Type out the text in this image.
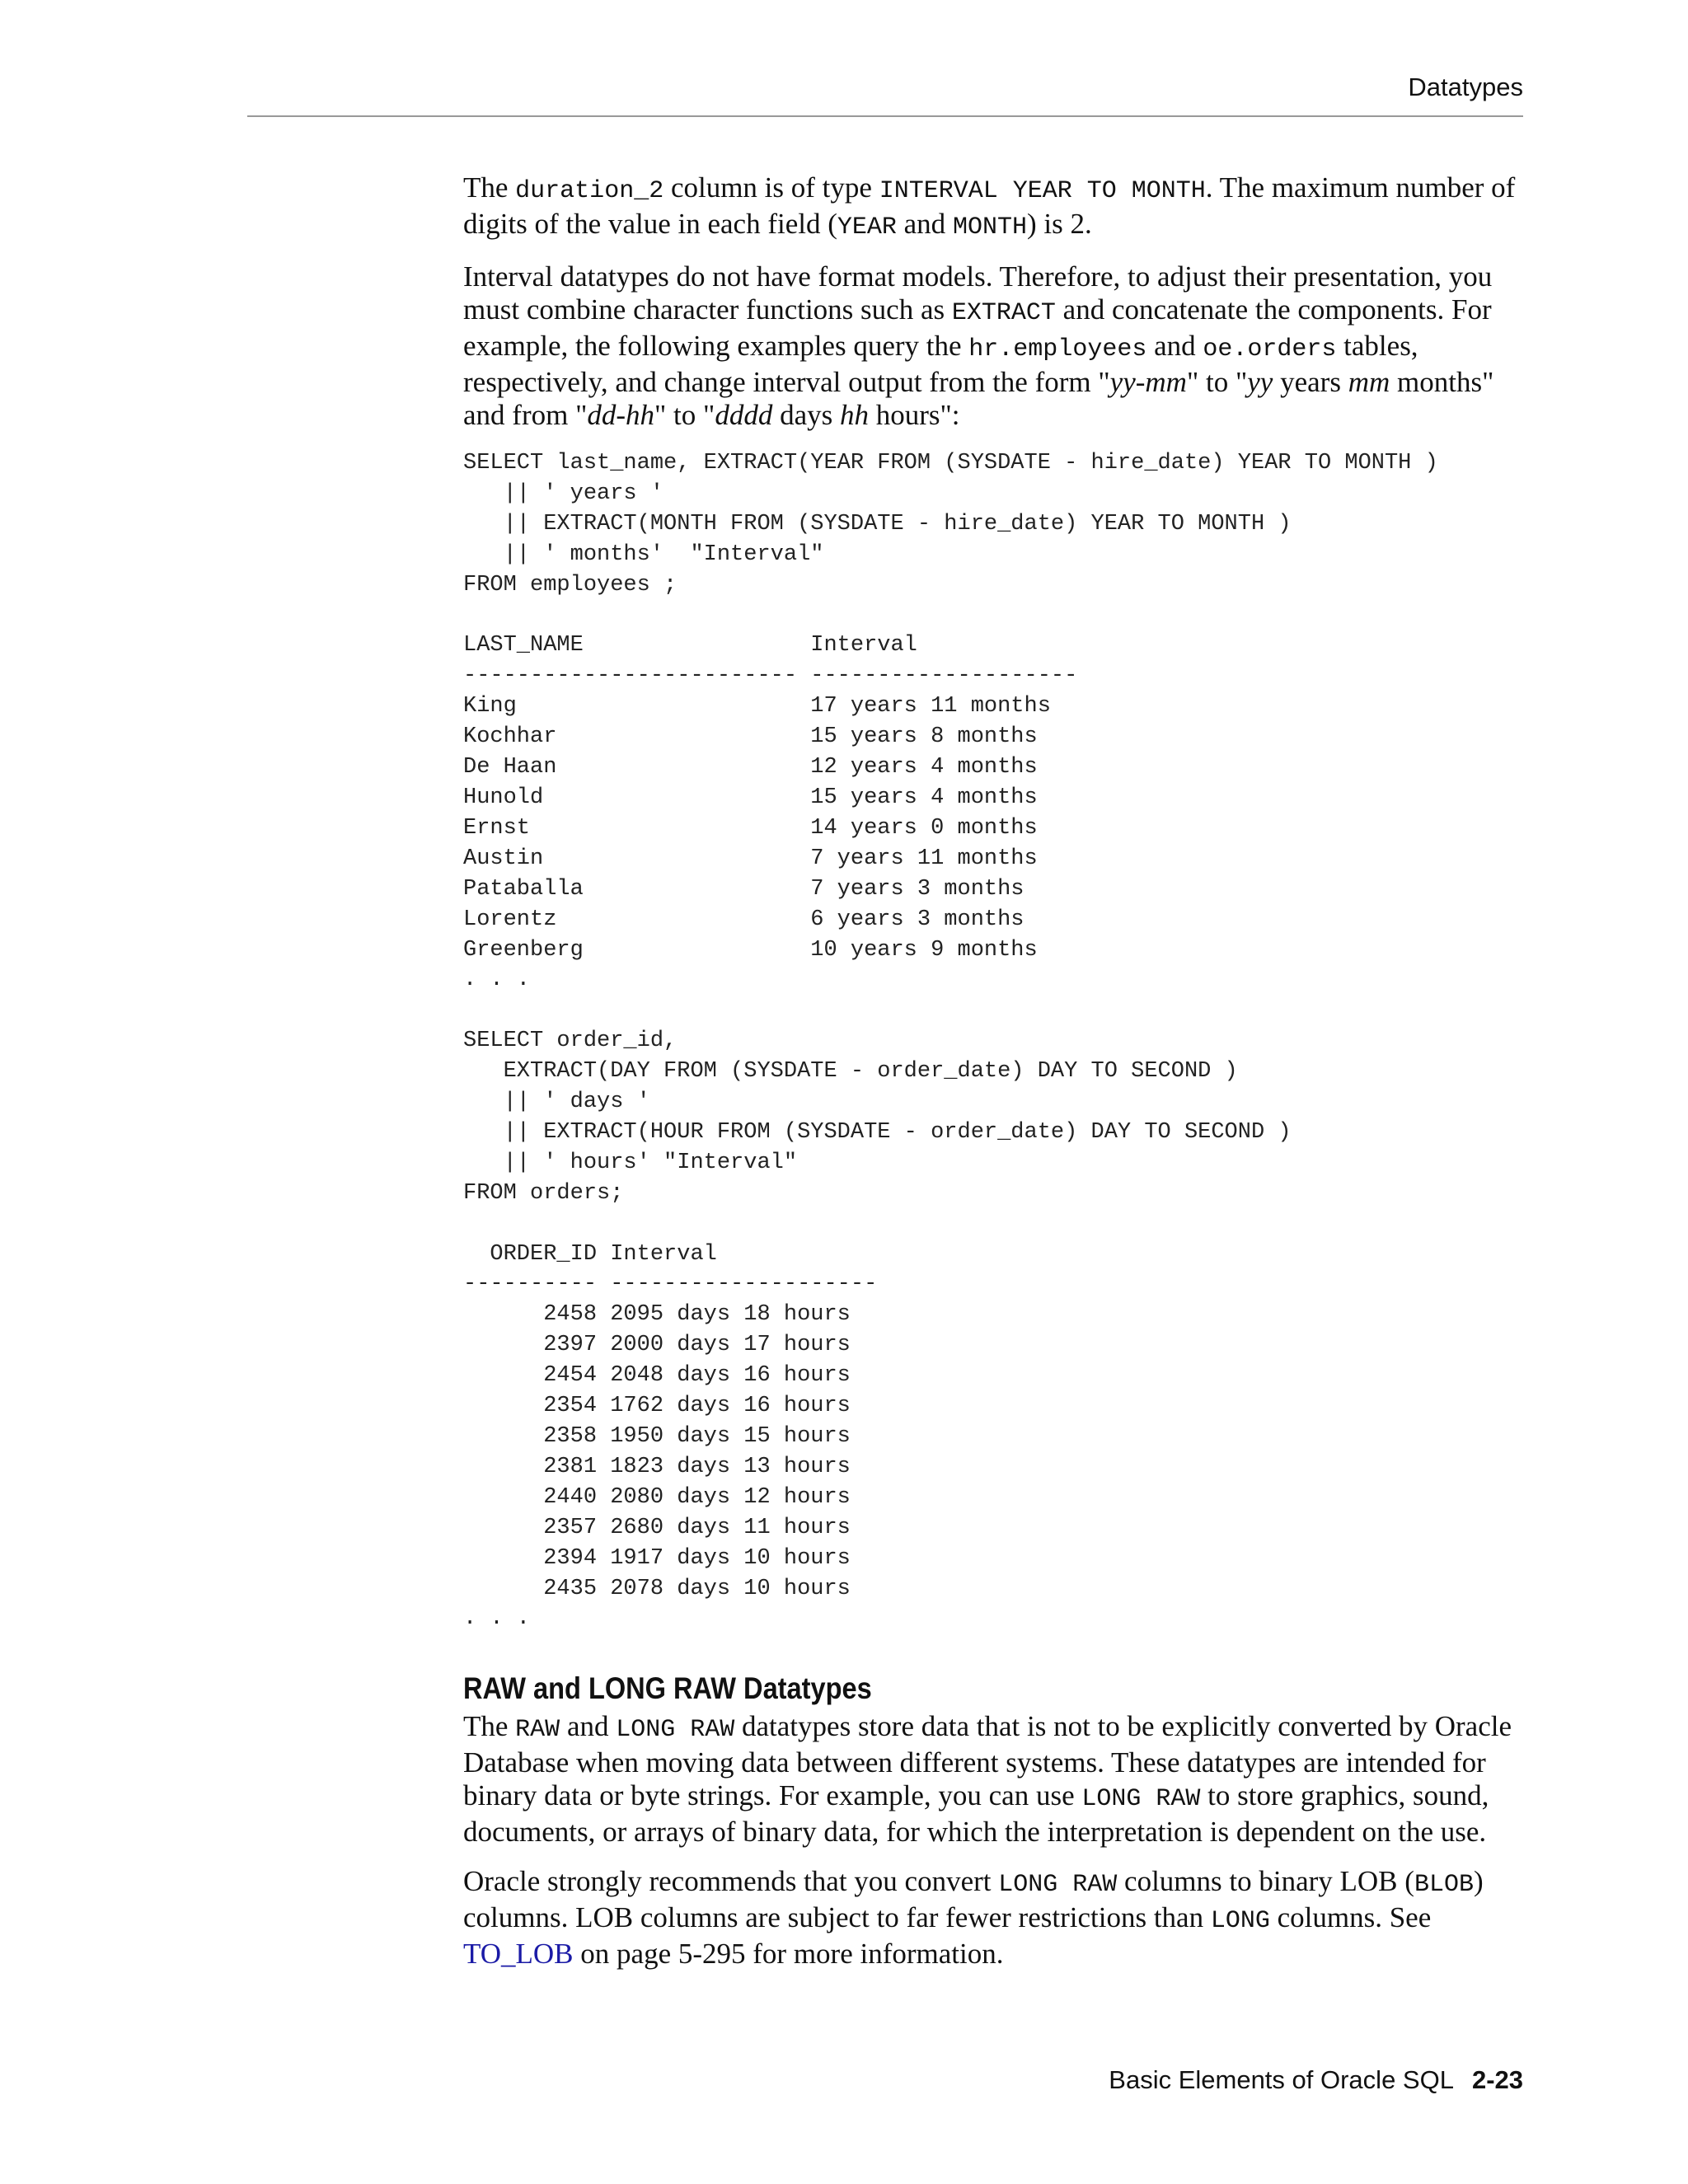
Datatypes

The duration_2 column is of type INTERVAL YEAR TO MONTH. The maximum number of digits of the value in each field (YEAR and MONTH) is 2.

Interval datatypes do not have format models. Therefore, to adjust their presentation, you must combine character functions such as EXTRACT and concatenate the components. For example, the following examples query the hr.employees and oe.orders tables, respectively, and change interval output from the form "yy-mm" to "yy years mm months" and from "dd-hh" to "dddd days hh hours":

SELECT last_name, EXTRACT(YEAR FROM (SYSDATE - hire_date) YEAR TO MONTH )
|| ' years '
|| EXTRACT(MONTH FROM (SYSDATE - hire_date) YEAR TO MONTH )
|| ' months'  "Interval"
FROM employees ;

LAST_NAME                 Interval
------------------------- --------------------
King                      17 years 11 months
Kochhar                   15 years 8 months
De Haan                   12 years 4 months
Hunold                    15 years 4 months
Ernst                     14 years 0 months
Austin                    7 years 11 months
Pataballa                 7 years 3 months
Lorentz                   6 years 3 months
Greenberg                 10 years 9 months
. . .

SELECT order_id,
EXTRACT(DAY FROM (SYSDATE - order_date) DAY TO SECOND )
|| ' days '
|| EXTRACT(HOUR FROM (SYSDATE - order_date) DAY TO SECOND )
|| ' hours' "Interval"
FROM orders;

ORDER_ID Interval
---------- --------------------
2458 2095 days 18 hours
2397 2000 days 17 hours
2454 2048 days 16 hours
2354 1762 days 16 hours
2358 1950 days 15 hours
2381 1823 days 13 hours
2440 2080 days 12 hours
2357 2680 days 11 hours
2394 1917 days 10 hours
2435 2078 days 10 hours
. . .
RAW and LONG RAW Datatypes

The RAW and LONG RAW datatypes store data that is not to be explicitly converted by Oracle Database when moving data between different systems. These datatypes are intended for binary data or byte strings. For example, you can use LONG RAW to store graphics, sound, documents, or arrays of binary data, for which the interpretation is dependent on the use.

Oracle strongly recommends that you convert LONG RAW columns to binary LOB (BLOB) columns. LOB columns are subject to far fewer restrictions than LONG columns. See TO_LOB on page 5-295 for more information.

Basic Elements of Oracle SQL 2-23
